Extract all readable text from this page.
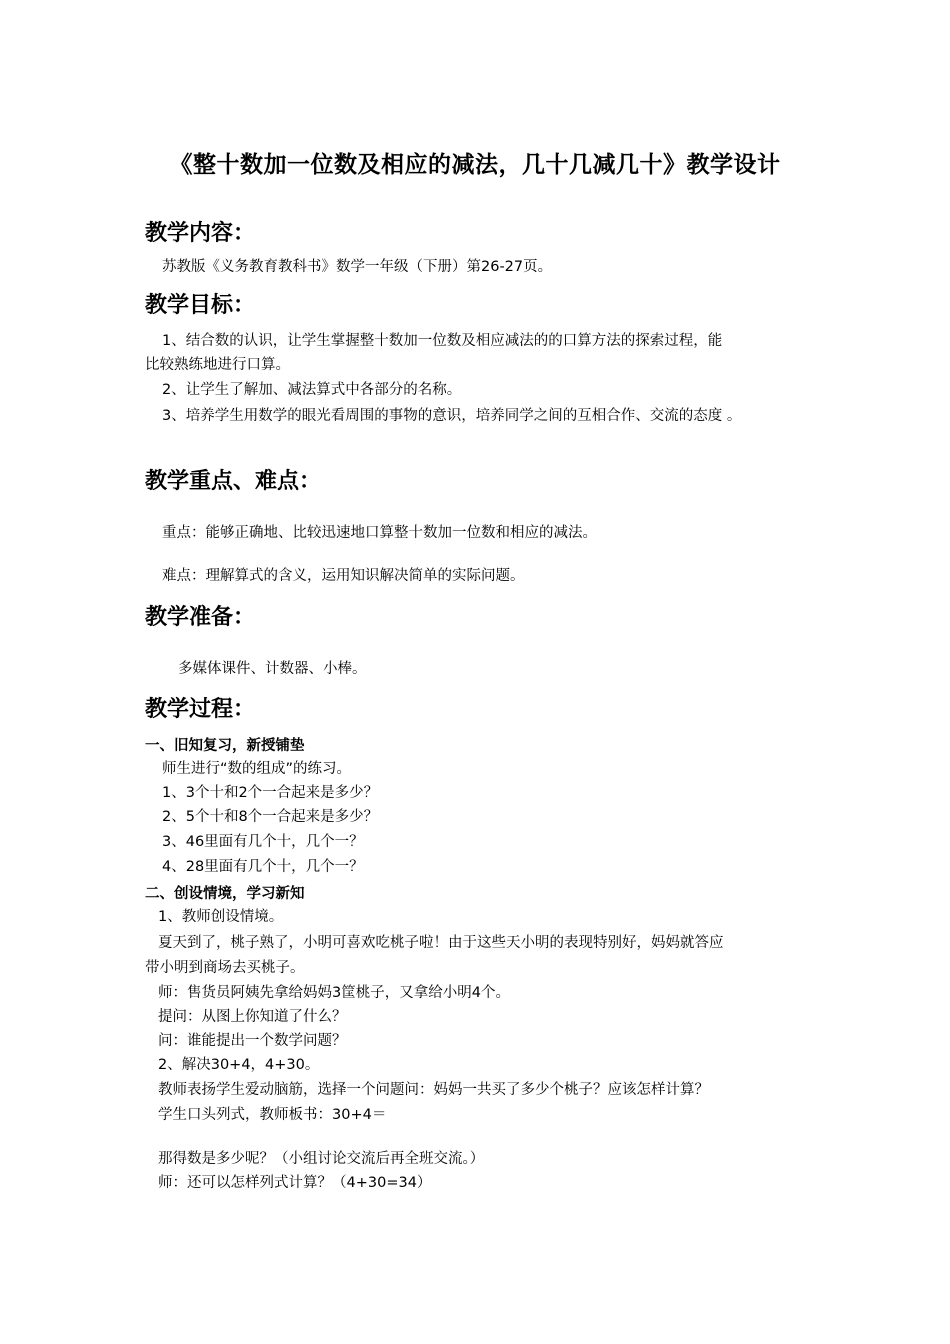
《整十数加一位数及相应的减法，几十几减几十》教学设计
教学内容：
苏教版《义务教育教科书》数学一年级（下册）第26-27页。
教学目标：
1、结合数的认识，让学生掌握整十数加一位数及相应减法的的口算方法的探索过程，能
比较熟练地进行口算。
2、让学生了解加、减法算式中各部分的名称。
3、培养学生用数学的眼光看周围的事物的意识，培养同学之间的互相合作、交流的态度 。
教学重点、难点：
重点：能够正确地、比较迅速地口算整十数加一位数和相应的减法。
难点：理解算式的含义，运用知识解决简单的实际问题。
教学准备：
多媒体课件、计数器、小棒。
教学过程：
一、旧知复习，新授铺垫
师生进行“数的组成”的练习。
1、3个十和2个一合起来是多少？
2、5个十和8个一合起来是多少？
3、46里面有几个十，几个一？
4、28里面有几个十，几个一？
二、创设情境，学习新知
1、教师创设情境。
夏天到了，桃子熟了，小明可喜欢吃桃子啦！由于这些天小明的表现特别好，妈妈就答应
带小明到商场去买桃子。
师：售货员阿姨先拿给妈妈3筐桃子，又拿给小明4个。
提问：从图上你知道了什么？
问：谁能提出一个数学问题？
2、解决30+4，4+30。
教师表扬学生爱动脑筋，选择一个问题问：妈妈一共买了多少个桃子？应该怎样计算？
学生口头列式，教师板书：30+4＝
那得数是多少呢？（小组讨论交流后再全班交流。）
师：还可以怎样列式计算？（4+30=34）
